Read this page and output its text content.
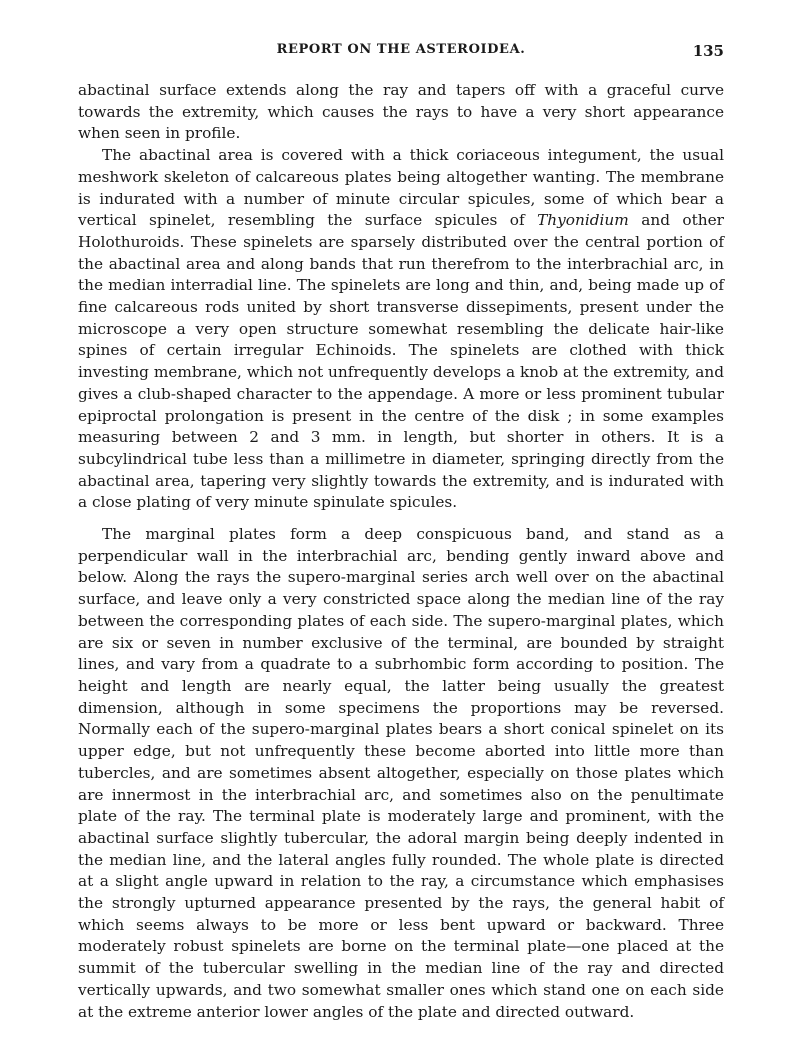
REPORT ON THE ASTEROIDEA.	135

abactinal surface extends along the ray and tapers off with a graceful curve towards the extremity, which causes the rays to have a very short appearance when seen in profile.

The abactinal area is covered with a thick coriaceous integument, the usual meshwork skeleton of calcareous plates being altogether wanting. The membrane is indurated with a number of minute circular spicules, some of which bear a vertical spinelet, resembling the surface spicules of Thyonidium and other Holothuroids. These spinelets are sparsely distributed over the central portion of the abactinal area and along bands that run therefrom to the interbrachial arc, in the median interradial line. The spinelets are long and thin, and, being made up of fine calcareous rods united by short transverse dissepiments, present under the microscope a very open structure somewhat resembling the delicate hair-like spines of certain irregular Echinoids. The spinelets are clothed with thick investing membrane, which not unfrequently develops a knob at the extremity, and gives a club-shaped character to the appendage. A more or less prominent tubular epiproctal prolongation is present in the centre of the disk ; in some examples measuring between 2 and 3 mm. in length, but shorter in others. It is a subcylindrical tube less than a millimetre in diameter, springing directly from the abactinal area, tapering very slightly towards the extremity, and is indurated with a close plating of very minute spinulate spicules.

The marginal plates form a deep conspicuous band, and stand as a perpendicular wall in the interbrachial arc, bending gently inward above and below. Along the rays the supero-marginal series arch well over on the abactinal surface, and leave only a very constricted space along the median line of the ray between the corresponding plates of each side. The supero-marginal plates, which are six or seven in number exclusive of the terminal, are bounded by straight lines, and vary from a quadrate to a subrhombic form according to position. The height and length are nearly equal, the latter being usually the greatest dimension, although in some specimens the proportions may be reversed. Normally each of the supero-marginal plates bears a short conical spinelet on its upper edge, but not unfrequently these become aborted into little more than tubercles, and are sometimes absent altogether, especially on those plates which are innermost in the interbrachial arc, and sometimes also on the penultimate plate of the ray. The terminal plate is moderately large and prominent, with the abactinal surface slightly tubercular, the adoral margin being deeply indented in the median line, and the lateral angles fully rounded. The whole plate is directed at a slight angle upward in relation to the ray, a circumstance which emphasises the strongly upturned appearance presented by the rays, the general habit of which seems always to be more or less bent upward or backward. Three moderately robust spinelets are borne on the terminal plate—one placed at the summit of the tubercular swelling in the median line of the ray and directed vertically upwards, and two somewhat smaller ones which stand one on each side at the extreme anterior lower angles of the plate and directed outward.
